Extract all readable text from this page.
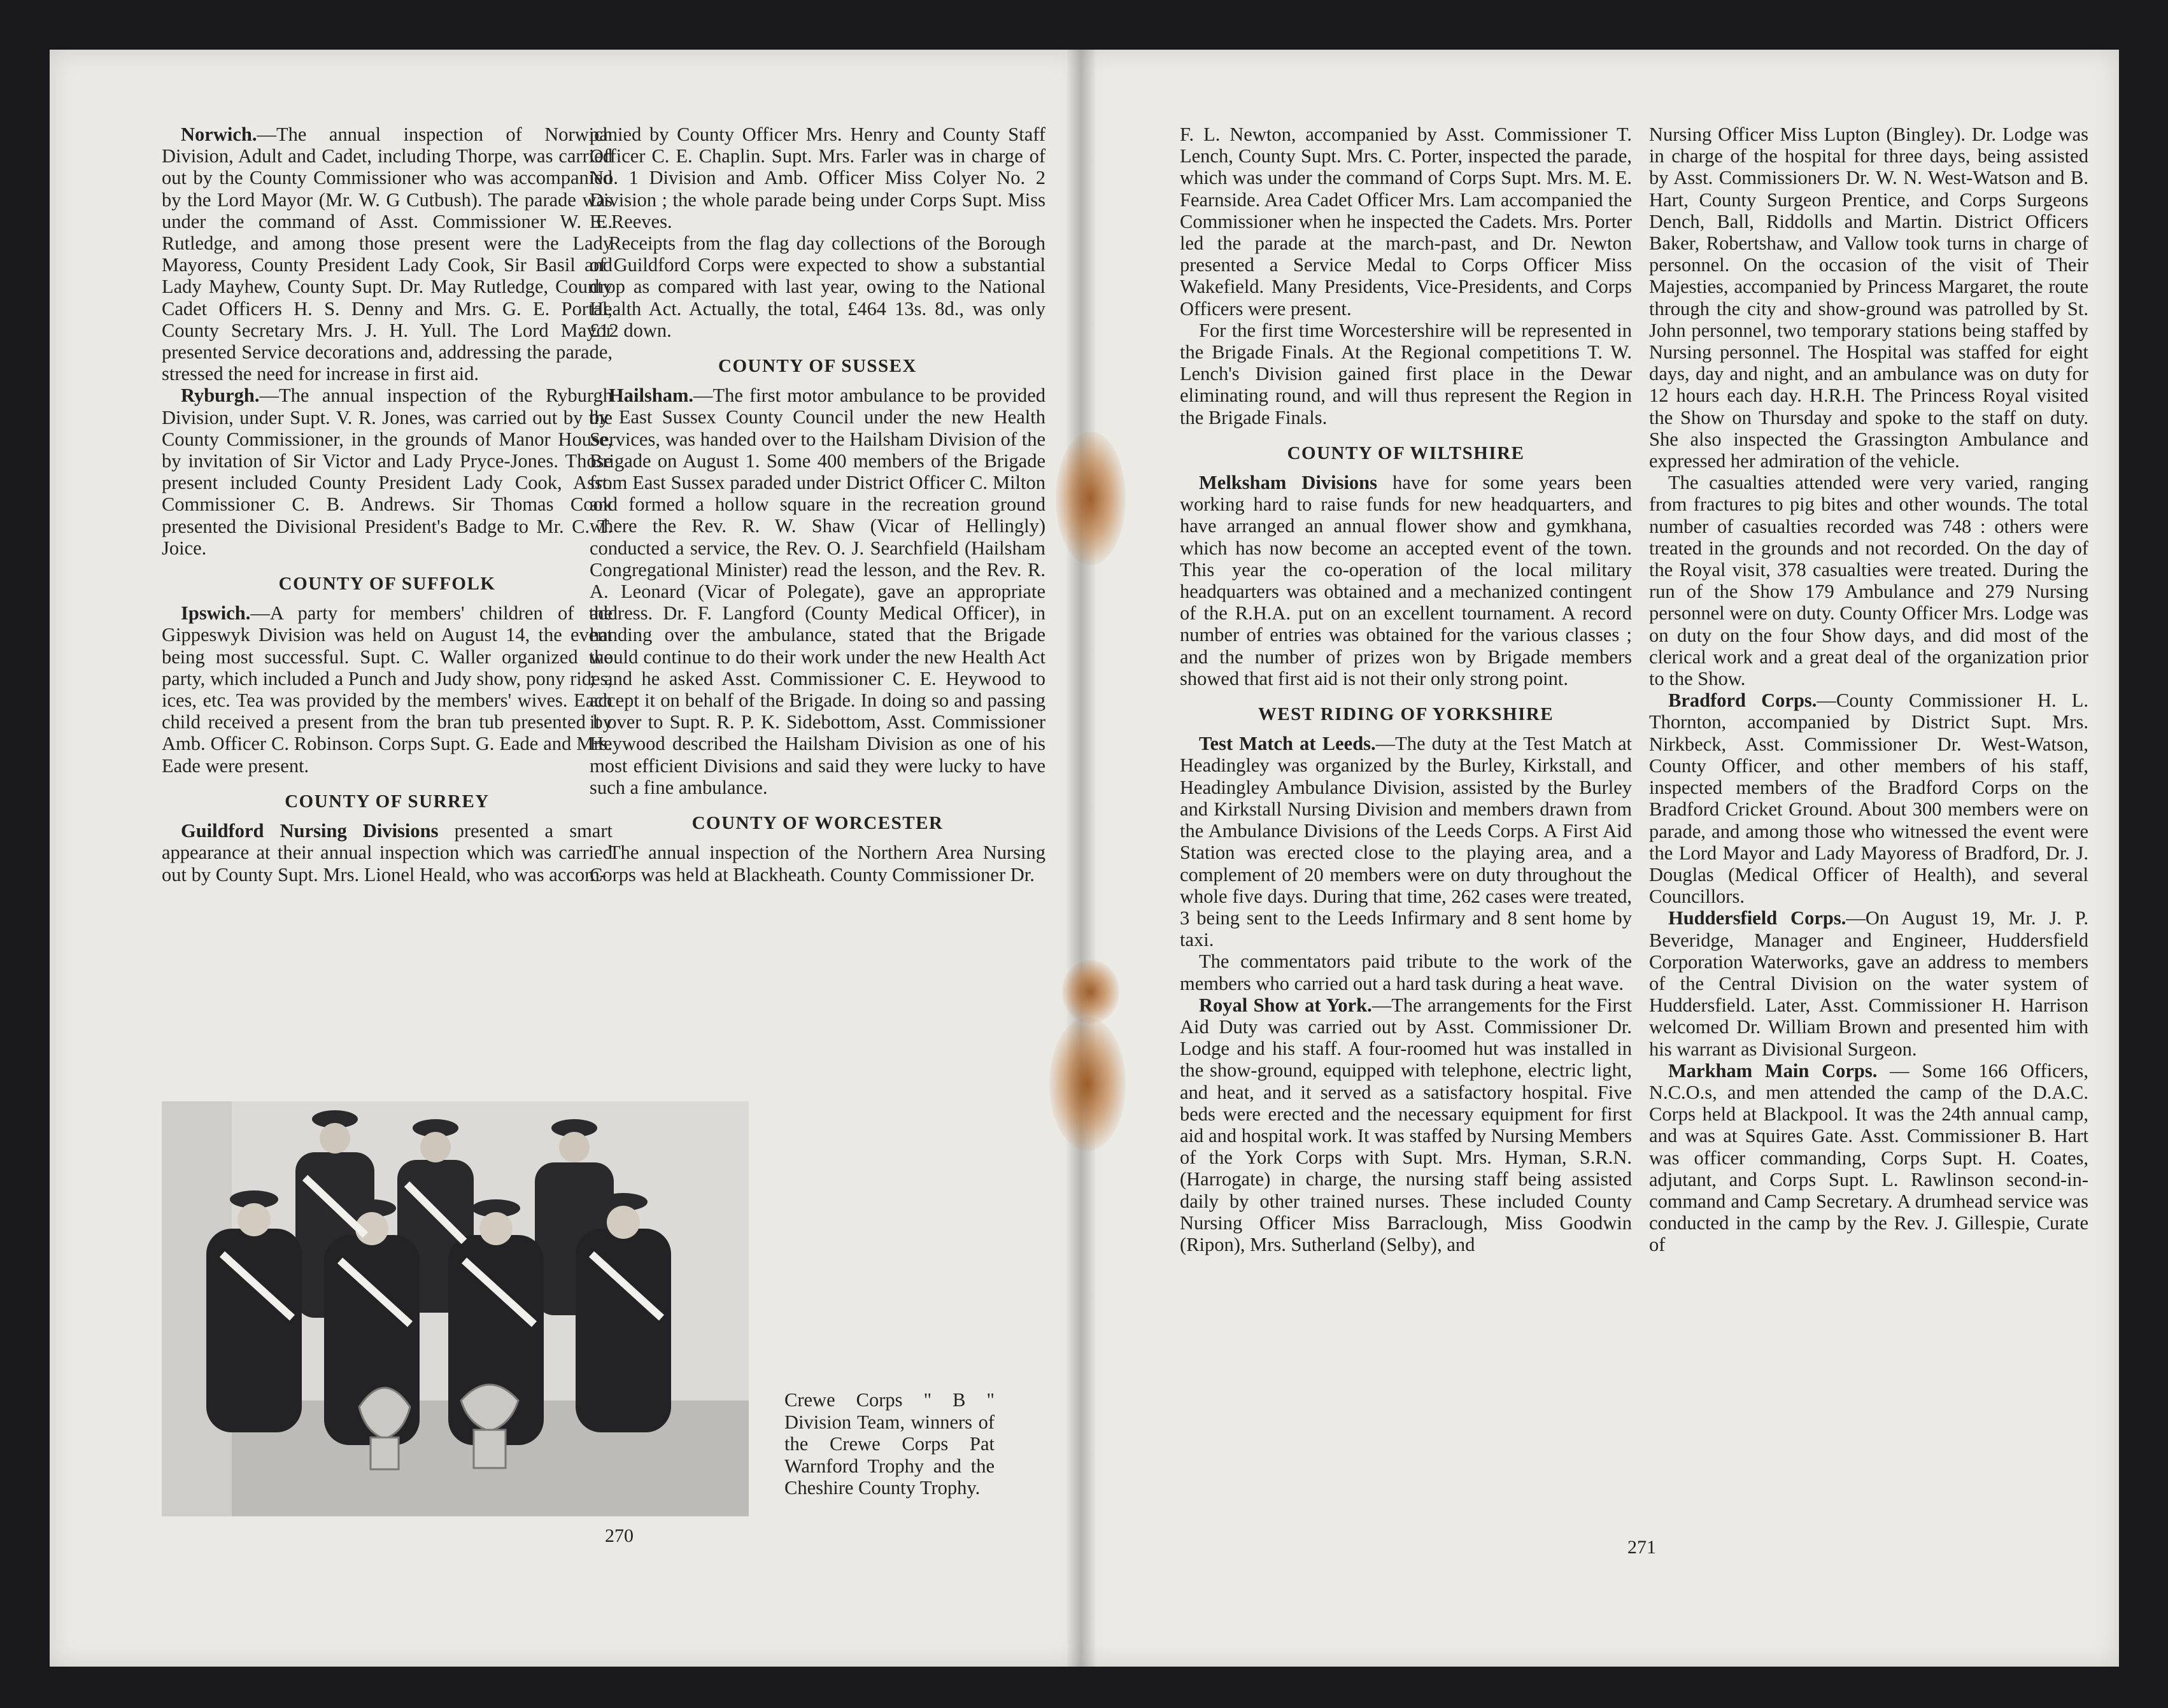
Norwich.—The annual inspection of Norwich Division, Adult and Cadet, including Thorpe, was carried out by the County Commissioner who was accompanied by the Lord Mayor (Mr. W. G Cutbush). The parade was under the command of Asst. Commissioner W. E. Rutledge, and among those present were the Lady Mayoress, County President Lady Cook, Sir Basil and Lady Mayhew, County Supt. Dr. May Rutledge, County Cadet Officers H. S. Denny and Mrs. G. E. Portal, County Secretary Mrs. J. H. Yull. The Lord Mayor presented Service decorations and, addressing the parade, stressed the need for increase in first aid.

Ryburgh.—The annual inspection of the Ryburgh Division, under Supt. V. R. Jones, was carried out by the County Commissioner, in the grounds of Manor House, by invitation of Sir Victor and Lady Pryce-Jones. Those present included County President Lady Cook, Asst. Commissioner C. B. Andrews. Sir Thomas Cook presented the Divisional President's Badge to Mr. C. T. Joice.

COUNTY OF SUFFOLK

Ipswich.—A party for members' children of the Gippeswyk Division was held on August 14, the event being most successful. Supt. C. Waller organized the party, which included a Punch and Judy show, pony rides, ices, etc. Tea was provided by the members' wives. Each child received a present from the bran tub presented by Amb. Officer C. Robinson. Corps Supt. G. Eade and Mrs. Eade were present.

COUNTY OF SURREY

Guildford Nursing Divisions presented a smart appearance at their annual inspection which was carried out by County Supt. Mrs. Lionel Heald, who was accom-

panied by County Officer Mrs. Henry and County Staff Officer C. E. Chaplin. Supt. Mrs. Farler was in charge of No. 1 Division and Amb. Officer Miss Colyer No. 2 Division ; the whole parade being under Corps Supt. Miss E. Reeves.

Receipts from the flag day collections of the Borough of Guildford Corps were expected to show a substantial drop as compared with last year, owing to the National Health Act. Actually, the total, £464 13s. 8d., was only £12 down.

COUNTY OF SUSSEX

Hailsham.—The first motor ambulance to be provided by East Sussex County Council under the new Health Services, was handed over to the Hailsham Division of the Brigade on August 1. Some 400 members of the Brigade from East Sussex paraded under District Officer C. Milton and formed a hollow square in the recreation ground where the Rev. R. W. Shaw (Vicar of Hellingly) conducted a service, the Rev. O. J. Searchfield (Hailsham Congregational Minister) read the lesson, and the Rev. R. A. Leonard (Vicar of Polegate), gave an appropriate address. Dr. F. Langford (County Medical Officer), in handing over the ambulance, stated that the Brigade would continue to do their work under the new Health Act ; and he asked Asst. Commissioner C. E. Heywood to accept it on behalf of the Brigade. In doing so and passing it over to Supt. R. P. K. Sidebottom, Asst. Commissioner Heywood described the Hailsham Division as one of his most efficient Divisions and said they were lucky to have such a fine ambulance.

COUNTY OF WORCESTER

The annual inspection of the Northern Area Nursing Corps was held at Blackheath. County Commissioner Dr.

Crewe Corps " B " Division Team, winners of the Crewe Corps Pat Warnford Trophy and the Cheshire County Trophy.
270

F. L. Newton, accompanied by Asst. Commissioner T. Lench, County Supt. Mrs. C. Porter, inspected the parade, which was under the command of Corps Supt. Mrs. M. E. Fearnside. Area Cadet Officer Mrs. Lam accompanied the Commissioner when he inspected the Cadets. Mrs. Porter led the parade at the march-past, and Dr. Newton presented a Service Medal to Corps Officer Miss Wakefield. Many Presidents, Vice-Presidents, and Corps Officers were present.

For the first time Worcestershire will be represented in the Brigade Finals. At the Regional competitions T. W. Lench's Division gained first place in the Dewar eliminating round, and will thus represent the Region in the Brigade Finals.

COUNTY OF WILTSHIRE

Melksham Divisions have for some years been working hard to raise funds for new headquarters, and have arranged an annual flower show and gymkhana, which has now become an accepted event of the town. This year the co-operation of the local military headquarters was obtained and a mechanized contingent of the R.H.A. put on an excellent tournament. A record number of entries was obtained for the various classes ; and the number of prizes won by Brigade members showed that first aid is not their only strong point.

WEST RIDING OF YORKSHIRE

Test Match at Leeds.—The duty at the Test Match at Headingley was organized by the Burley, Kirkstall, and Headingley Ambulance Division, assisted by the Burley and Kirkstall Nursing Division and members drawn from the Ambulance Divisions of the Leeds Corps. A First Aid Station was erected close to the playing area, and a complement of 20 members were on duty throughout the whole five days. During that time, 262 cases were treated, 3 being sent to the Leeds Infirmary and 8 sent home by taxi.

The commentators paid tribute to the work of the members who carried out a hard task during a heat wave.

Royal Show at York.—The arrangements for the First Aid Duty was carried out by Asst. Commissioner Dr. Lodge and his staff. A four-roomed hut was installed in the show-ground, equipped with telephone, electric light, and heat, and it served as a satisfactory hospital. Five beds were erected and the necessary equipment for first aid and hospital work. It was staffed by Nursing Members of the York Corps with Supt. Mrs. Hyman, S.R.N. (Harrogate) in charge, the nursing staff being assisted daily by other trained nurses. These included County Nursing Officer Miss Barraclough, Miss Goodwin (Ripon), Mrs. Sutherland (Selby), and

Nursing Officer Miss Lupton (Bingley). Dr. Lodge was in charge of the hospital for three days, being assisted by Asst. Commissioners Dr. W. N. West-Watson and B. Hart, County Surgeon Prentice, and Corps Surgeons Dench, Ball, Riddolls and Martin. District Officers Baker, Robertshaw, and Vallow took turns in charge of personnel. On the occasion of the visit of Their Majesties, accompanied by Princess Margaret, the route through the city and show-ground was patrolled by St. John personnel, two temporary stations being staffed by Nursing personnel. The Hospital was staffed for eight days, day and night, and an ambulance was on duty for 12 hours each day. H.R.H. The Princess Royal visited the Show on Thursday and spoke to the staff on duty. She also inspected the Grassington Ambulance and expressed her admiration of the vehicle.

The casualties attended were very varied, ranging from fractures to pig bites and other wounds. The total number of casualties recorded was 748 : others were treated in the grounds and not recorded. On the day of the Royal visit, 378 casualties were treated. During the run of the Show 179 Ambulance and 279 Nursing personnel were on duty. County Officer Mrs. Lodge was on duty on the four Show days, and did most of the clerical work and a great deal of the organization prior to the Show.

Bradford Corps.—County Commissioner H. L. Thornton, accompanied by District Supt. Mrs. Nirkbeck, Asst. Commissioner Dr. West-Watson, County Officer, and other members of his staff, inspected members of the Bradford Corps on the Bradford Cricket Ground. About 300 members were on parade, and among those who witnessed the event were the Lord Mayor and Lady Mayoress of Bradford, Dr. J. Douglas (Medical Officer of Health), and several Councillors.

Huddersfield Corps.—On August 19, Mr. J. P. Beveridge, Manager and Engineer, Huddersfield Corporation Waterworks, gave an address to members of the Central Division on the water system of Huddersfield. Later, Asst. Commissioner H. Harrison welcomed Dr. William Brown and presented him with his warrant as Divisional Surgeon.

Markham Main Corps. — Some 166 Officers, N.C.O.s, and men attended the camp of the D.A.C. Corps held at Blackpool. It was the 24th annual camp, and was at Squires Gate. Asst. Commissioner B. Hart was officer commanding, Corps Supt. H. Coates, adjutant, and Corps Supt. L. Rawlinson second-in-command and Camp Secretary. A drumhead service was conducted in the camp by the Rev. J. Gillespie, Curate of

271
